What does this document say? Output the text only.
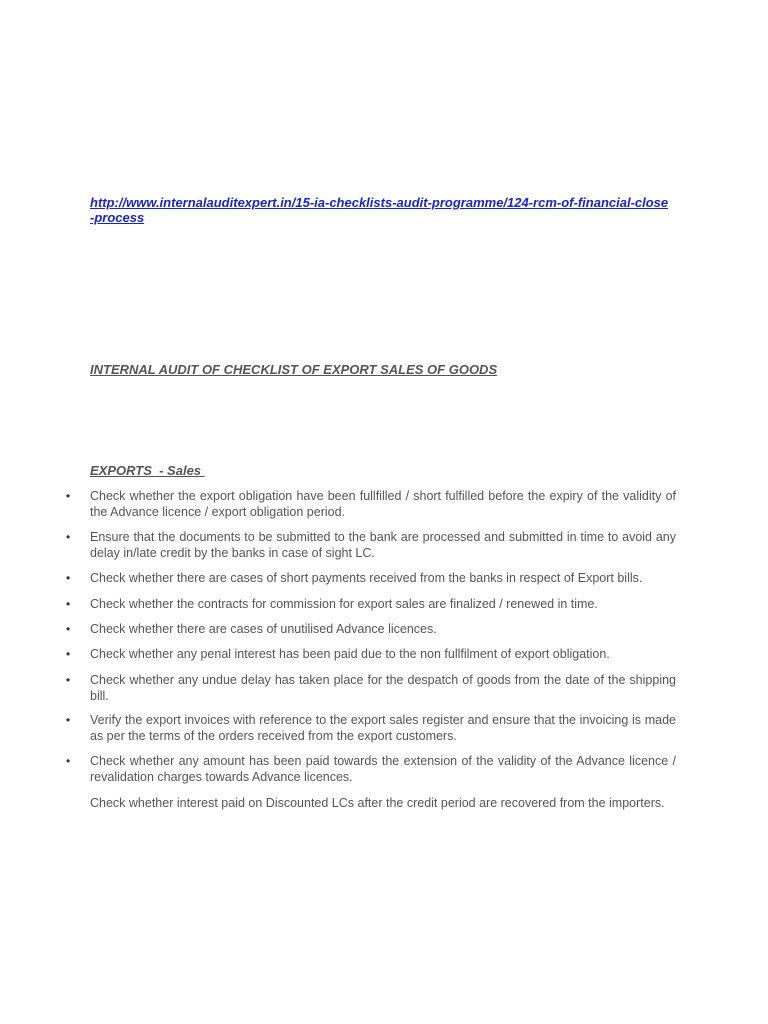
http://www.internalauditexpert.in/15-ia-checklists-audit-programme/124-rcm-of-financial-close-process
INTERNAL AUDIT OF CHECKLIST OF EXPORT SALES OF GOODS
EXPORTS  - Sales
• Check whether the export obligation have been fullfilled / short fulfilled before the expiry of the validity of the Advance licence / export obligation period.
• Ensure that the documents to be submitted to the bank are processed and submitted in time to avoid any delay in/late credit by the banks in case of sight LC.
• Check whether there are cases of short payments received from the banks in respect of Export bills.
• Check whether the contracts for commission for export sales are finalized / renewed in time.
• Check whether there are cases of unutilised Advance licences.
• Check whether any penal interest has been paid due to the non fullfilment of export obligation.
• Check whether any undue delay has taken place for the despatch of goods from the date of the shipping bill.
• Verify the export invoices with reference to the export sales register and ensure that the invoicing is made as per the terms of the orders received from the export customers.
• Check whether any amount has been paid towards the extension of the validity of the Advance licence / revalidation charges towards Advance licences.
Check whether interest paid on Discounted LCs after the credit period are recovered from the importers.
